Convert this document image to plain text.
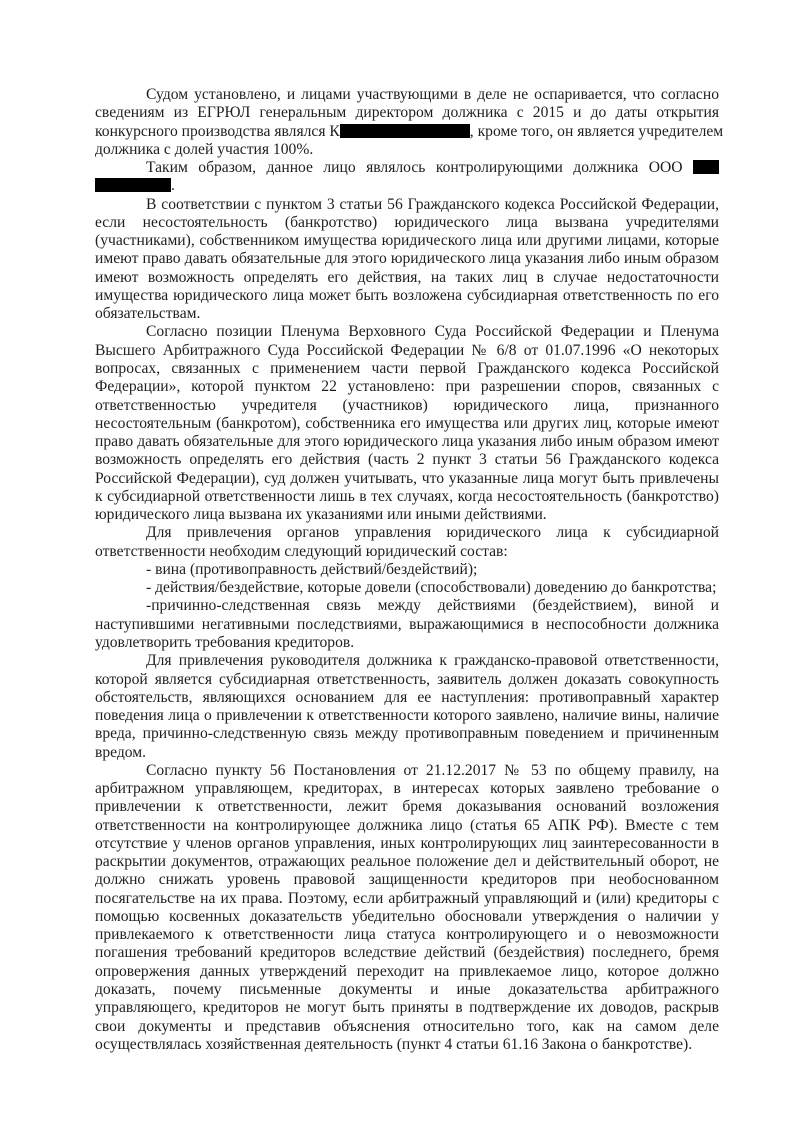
Судом установлено, и лицами участвующими в деле не оспаривается, что согласно
сведениям из ЕГРЮЛ генеральным директором должника с 2015 и до даты открытия
конкурсного производства являлся К	, кроме того, он является учредителем
должника с долей участия 100%.
Таким образом, данное лицо являлось контролирующими должника ООО
.
В соответствии с пунктом 3 статьи 56 Гражданского кодекса Российской Федерации,
если несостоятельность (банкротство) юридического лица вызвана учредителями
(участниками), собственником имущества юридического лица или другими лицами, которые
имеют право давать обязательные для этого юридического лица указания либо иным образом
имеют возможность определять его действия, на таких лиц в случае недостаточности
имущества юридического лица может быть возложена субсидиарная ответственность по его
обязательствам.
Согласно позиции Пленума Верховного Суда Российской Федерации и Пленума
Высшего Арбитражного Суда Российской Федерации № 6/8 от 01.07.1996 «О некоторых
вопросах, связанных с применением части первой Гражданского кодекса Российской
Федерации», которой пунктом 22 установлено: при разрешении споров, связанных с
ответственностью учредителя (участников) юридического лица, признанного
несостоятельным (банкротом), собственника его имущества или других лиц, которые имеют
право давать обязательные для этого юридического лица указания либо иным образом имеют
возможность определять его действия (часть 2 пункт 3 статьи 56 Гражданского кодекса
Российской Федерации), суд должен учитывать, что указанные лица могут быть привлечены
к субсидиарной ответственности лишь в тех случаях, когда несостоятельность (банкротство)
юридического лица вызвана их указаниями или иными действиями.
Для привлечения органов управления юридического лица к субсидиарной
ответственности необходим следующий юридический состав:
- вина (противоправность действий/бездействий);
- действия/бездействие, которые довели (способствовали) доведению до банкротства;
-причинно-следственная связь между действиями (бездействием), виной и
наступившими негативными последствиями, выражающимися в неспособности должника
удовлетворить требования кредиторов.
Для привлечения руководителя должника к гражданско-правовой ответственности,
которой является субсидиарная ответственность, заявитель должен доказать совокупность
обстоятельств, являющихся основанием для ее наступления: противоправный характер
поведения лица о привлечении к ответственности которого заявлено, наличие вины, наличие
вреда, причинно-следственную связь между противоправным поведением и причиненным
вредом.
Согласно пункту 56 Постановления от 21.12.2017 № 53 по общему правилу, на
арбитражном управляющем, кредиторах, в интересах которых заявлено требование о
привлечении к ответственности, лежит бремя доказывания оснований возложения
ответственности на контролирующее должника лицо (статья 65 АПК РФ). Вместе с тем
отсутствие у членов органов управления, иных контролирующих лиц заинтересованности в
раскрытии документов, отражающих реальное положение дел и действительный оборот, не
должно снижать уровень правовой защищенности кредиторов при необоснованном
посягательстве на их права. Поэтому, если арбитражный управляющий и (или) кредиторы с
помощью косвенных доказательств убедительно обосновали утверждения о наличии у
привлекаемого к ответственности лица статуса контролирующего и о невозможности
погашения требований кредиторов вследствие действий (бездействия) последнего, бремя
опровержения данных утверждений переходит на привлекаемое лицо, которое должно
доказать, почему письменные документы и иные доказательства арбитражного
управляющего, кредиторов не могут быть приняты в подтверждение их доводов, раскрыв
свои документы и представив объяснения относительно того, как на самом деле
осуществлялась хозяйственная деятельность (пункт 4 статьи 61.16 Закона о банкротстве).
